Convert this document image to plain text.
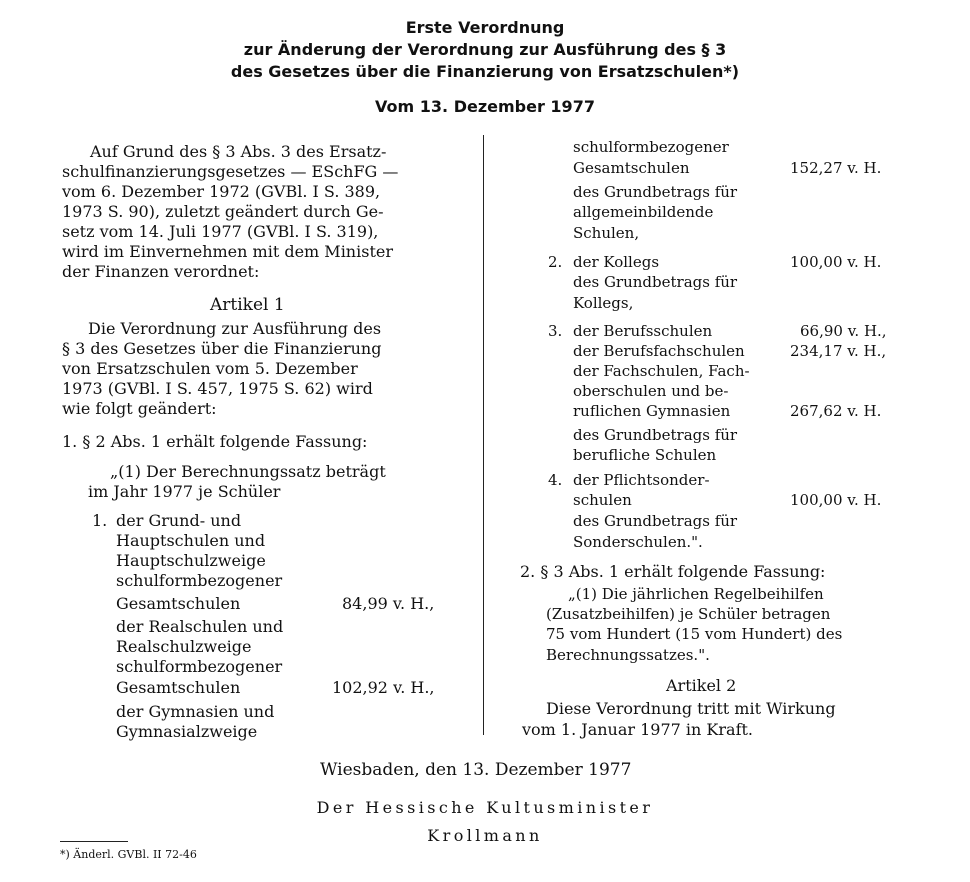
Erste Verordnung
zur Änderung der Verordnung zur Ausführung des § 3
des Gesetzes über die Finanzierung von Ersatzschulen*)
Vom 13. Dezember 1977
Auf Grund des § 3 Abs. 3 des Ersatz-
schulfinanzierungsgesetzes — ESchFG —
vom 6. Dezember 1972 (GVBl. I S. 389,
1973 S. 90), zuletzt geändert durch Ge-
setz vom 14. Juli 1977 (GVBl. I S. 319),
wird im Einvernehmen mit dem Minister
der Finanzen verordnet:
Artikel 1
Die Verordnung zur Ausführung des
§ 3 des Gesetzes über die Finanzierung
von Ersatzschulen vom 5. Dezember
1973 (GVBl. I S. 457, 1975 S. 62) wird
wie folgt geändert:
1. § 2 Abs. 1 erhält folgende Fassung:
„(1) Der Berechnungssatz beträgt
im Jahr 1977 je Schüler
1. der Grund- und
Hauptschulen und
Hauptschulzweige
schulformbezogener
Gesamtschulen	84,99 v. H.,
der Realschulen und
Realschulzweige
schulformbezogener
Gesamtschulen	102,92 v. H.,
der Gymnasien und
Gymnasialzweige
schulformbezogener
Gesamtschulen	152,27 v. H.
des Grundbetrags für
allgemeinbildende
Schulen,
2. der Kollegs	100,00 v. H.
des Grundbetrags für
Kollegs,
3. der Berufsschulen	66,90 v. H.,
der Berufsfachschulen	234,17 v. H.,
der Fachschulen, Fach-
oberschulen und be-
ruflichen Gymnasien	267,62 v. H.
des Grundbetrags für
berufliche Schulen
4. der Pflichtsonder-
schulen	100,00 v. H.
des Grundbetrags für
Sonderschulen.".
2. § 3 Abs. 1 erhält folgende Fassung:
„(1) Die jährlichen Regelbeihilfen
(Zusatzbeihilfen) je Schüler betragen
75 vom Hundert (15 vom Hundert) des
Berechnungssatzes.".
Artikel 2
Diese Verordnung tritt mit Wirkung
vom 1. Januar 1977 in Kraft.
Wiesbaden, den 13. Dezember 1977
Der Hessische Kultusminister
Krollmann
*) Änderl. GVBl. II 72-46
